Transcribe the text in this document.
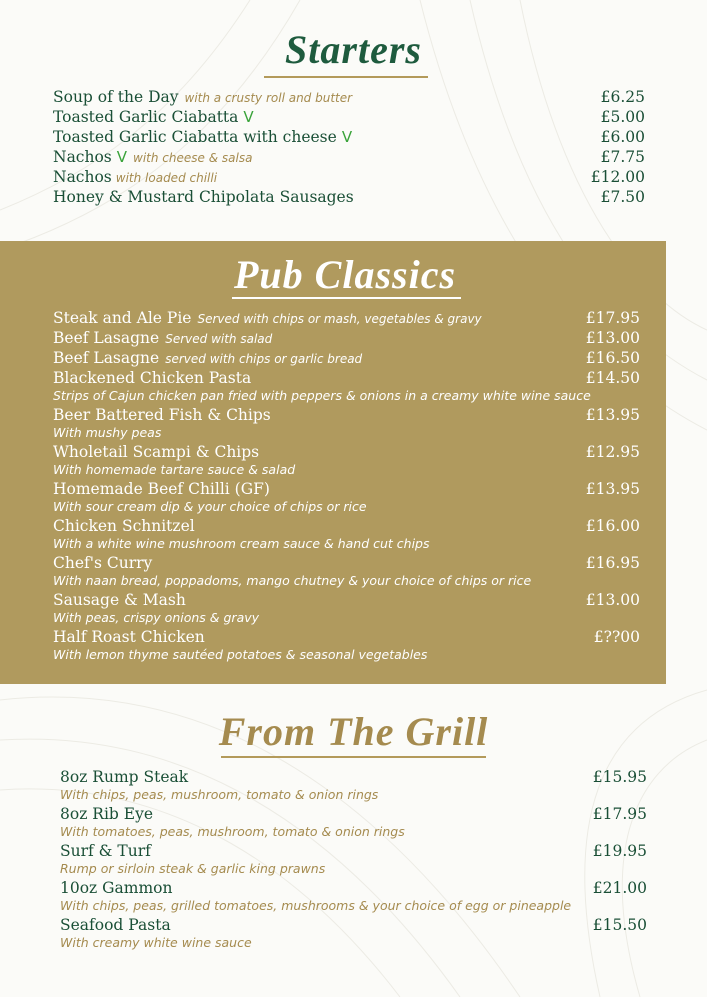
Starters
Soup of the Day with a crusty roll and butter	£6.25
Toasted Garlic Ciabatta V	£5.00
Toasted Garlic Ciabatta with cheese V	£6.00
Nachos V with cheese & salsa	£7.75
Nachos with loaded chilli	£12.00
Honey & Mustard Chipolata Sausages	£7.50
Pub Classics
Steak and Ale Pie Served with chips or mash, vegetables & gravy	£17.95
Beef Lasagne Served with salad	£13.00
Beef Lasagne served with chips or garlic bread	£16.50
Blackened Chicken Pasta	£14.50
Strips of Cajun chicken pan fried with peppers & onions in a creamy white wine sauce
Beer Battered Fish & Chips	£13.95
With mushy peas
Wholetail Scampi & Chips	£12.95
With homemade tartare sauce & salad
Homemade Beef Chilli (GF)	£13.95
With sour cream dip & your choice of chips or rice
Chicken Schnitzel	£16.00
With a white wine mushroom cream sauce & hand cut chips
Chef's Curry	£16.95
With naan bread, poppadoms, mango chutney & your choice of chips or rice
Sausage & Mash	£13.00
With peas, crispy onions & gravy
Half Roast Chicken	£??00
With lemon thyme sautéed potatoes & seasonal vegetables
From The Grill
8oz Rump Steak	£15.95
With chips, peas, mushroom, tomato & onion rings
8oz Rib Eye	£17.95
With tomatoes, peas, mushroom, tomato & onion rings
Surf & Turf	£19.95
Rump or sirloin steak & garlic king prawns
10oz Gammon	£21.00
With chips, peas, grilled tomatoes, mushrooms & your choice of egg or pineapple
Seafood Pasta	£15.50
With creamy white wine sauce
